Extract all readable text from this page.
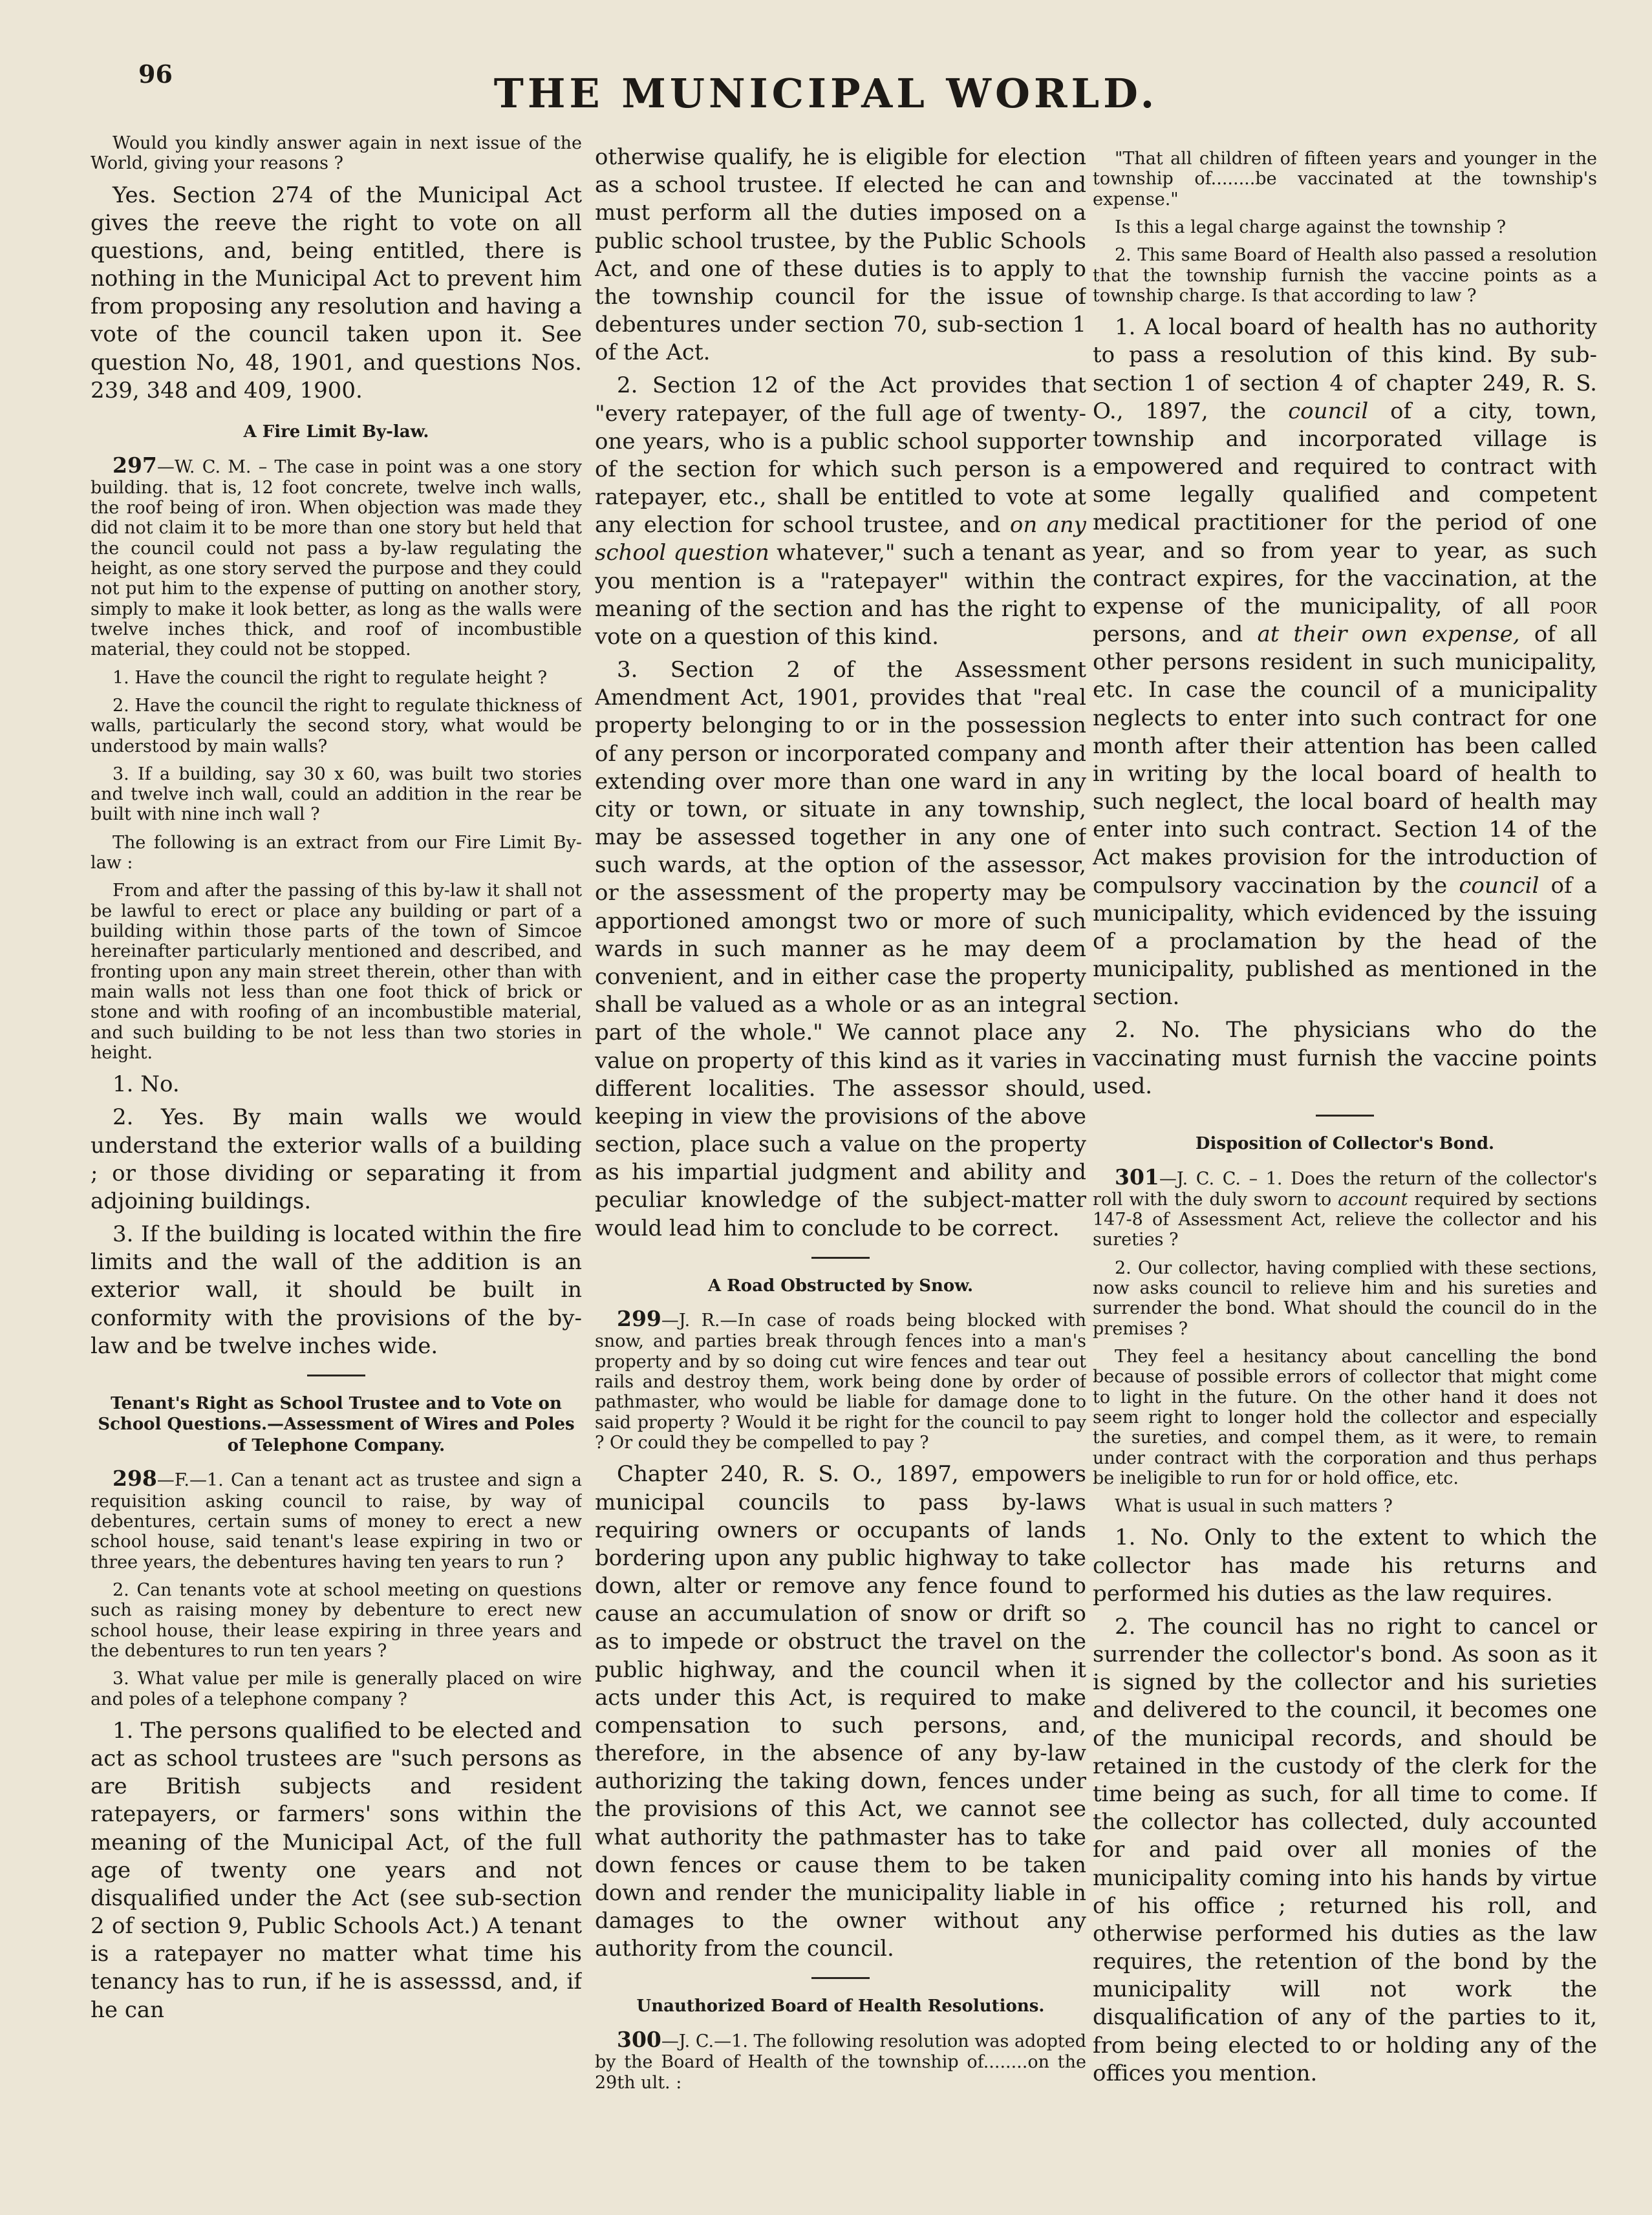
96	THE MUNICIPAL WORLD.

Would you kindly answer again in next issue of the World, giving your reasons ?

Yes. Section 274 of the Municipal Act gives the reeve the right to vote on all questions, and, being entitled, there is nothing in the Municipal Act to prevent him from proposing any resolution and having a vote of the council taken upon it. See question No, 48, 1901, and questions Nos. 239, 348 and 409, 1900.

A Fire Limit By-law.

297—W. C. M. – The case in point was a one story building. that is, 12 foot concrete, twelve inch walls, the roof being of iron. When objection was made they did not claim it to be more than one story but held that the council could not pass a by-law regulating the height, as one story served the purpose and they could not put him to the expense of putting on another story, simply to make it look better, as long as the walls were twelve inches thick, and roof of incombustible material, they could not be stopped.

1. Have the council the right to regulate height ?

2. Have the council the right to regulate thickness of walls, particularly the second story, what would be understood by main walls?

3. If a building, say 30 x 60, was built two stories and twelve inch wall, could an addition in the rear be built with nine inch wall ?

The following is an extract from our Fire Limit By-law :

From and after the passing of this by-law it shall not be lawful to erect or place any building or part of a building within those parts of the town of Simcoe hereinafter particularly mentioned and described, and fronting upon any main street therein, other than with main walls not less than one foot thick of brick or stone and with roofing of an incombustible material, and such building to be not less than two stories in height.

1. No.

2. Yes. By main walls we would understand the exterior walls of a building ; or those dividing or separating it from adjoining buildings.

3. If the building is located within the fire limits and the wall of the addition is an exterior wall, it should be built in conformity with the provisions of the by-law and be twelve inches wide.

Tenant's Right as School Trustee and to Vote on School Questions.—Assessment of Wires and Poles of Telephone Company.

298—F.—1. Can a tenant act as trustee and sign a requisition asking council to raise, by way of debentures, certain sums of money to erect a new school house, said tenant's lease expiring in two or three years, the debentures having ten years to run ?

2. Can tenants vote at school meeting on questions such as raising money by debenture to erect new school house, their lease expiring in three years and the debentures to run ten years ?

3. What value per mile is generally placed on wire and poles of a telephone company ?

1. The persons qualified to be elected and act as school trustees are "such persons as are British subjects and resident ratepayers, or farmers' sons within the meaning of the Municipal Act, of the full age of twenty one years and not disqualified under the Act (see sub-section 2 of section 9, Public Schools Act.) A tenant is a ratepayer no matter what time his tenancy has to run, if he is assesssd, and, if he can

otherwise qualify, he is eligible for election as a school trustee. If elected he can and must perform all the duties imposed on a public school trustee, by the Public Schools Act, and one of these duties is to apply to the township council for the issue of debentures under section 70, sub-section 1 of the Act.

2. Section 12 of the Act provides that "every ratepayer, of the full age of twenty-one years, who is a public school supporter of the section for which such person is a ratepayer, etc., shall be entitled to vote at any election for school trustee, and on any school question whatever," such a tenant as you mention is a "ratepayer" within the meaning of the section and has the right to vote on a question of this kind.

3. Section 2 of the Assessment Amendment Act, 1901, provides that "real property belonging to or in the possession of any person or incorporated company and extending over more than one ward in any city or town, or situate in any township, may be assessed together in any one of such wards, at the option of the assessor, or the assessment of the property may be apportioned amongst two or more of such wards in such manner as he may deem convenient, and in either case the property shall be valued as a whole or as an integral part of the whole." We cannot place any value on property of this kind as it varies in different localities. The assessor should, keeping in view the provisions of the above section, place such a value on the property as his impartial judgment and ability and peculiar knowledge of the subject-matter would lead him to conclude to be correct.

A Road Obstructed by Snow.

299—J. R.—In case of roads being blocked with snow, and parties break through fences into a man's property and by so doing cut wire fences and tear out rails and destroy them, work being done by order of pathmaster, who would be liable for damage done to said property ? Would it be right for the council to pay ? Or could they be compelled to pay ?

Chapter 240, R. S. O., 1897, empowers municipal councils to pass by-laws requiring owners or occupants of lands bordering upon any public highway to take down, alter or remove any fence found to cause an accumulation of snow or drift so as to impede or obstruct the travel on the public highway, and the council when it acts under this Act, is required to make compensation to such persons, and, therefore, in the absence of any by-law authorizing the taking down, fences under the provisions of this Act, we cannot see what authority the pathmaster has to take down fences or cause them to be taken down and render the municipality liable in damages to the owner without any authority from the council.

Unauthorized Board of Health Resolutions.

300—J. C.—1. The following resolution was adopted by the Board of Health of the township of........on the 29th ult. :

"That all children of fifteen years and younger in the township of........be vaccinated at the township's expense."

Is this a legal charge against the township ?

2. This same Board of Health also passed a resolution that the township furnish the vaccine points as a township charge. Is that according to law ?

1. A local board of health has no authority to pass a resolution of this kind. By sub-section 1 of section 4 of chapter 249, R. S. O., 1897, the council of a city, town, township and incorporated village is empowered and required to contract with some legally qualified and competent medical practitioner for the period of one year, and so from year to year, as such contract expires, for the vaccination, at the expense of the municipality, of all poor persons, and at their own expense, of all other persons resident in such municipality, etc. In case the council of a municipality neglects to enter into such contract for one month after their attention has been called in writing by the local board of health to such neglect, the local board of health may enter into such contract. Section 14 of the Act makes provision for the introduction of compulsory vaccination by the council of a municipality, which evidenced by the issuing of a proclamation by the head of the municipality, published as mentioned in the section.

2. No. The physicians who do the vaccinating must furnish the vaccine points used.

Disposition of Collector's Bond.

301—J. C. C. – 1. Does the return of the collector's roll with the duly sworn to account required by sections 147-8 of Assessment Act, relieve the collector and his sureties ?

2. Our collector, having complied with these sections, now asks council to relieve him and his sureties and surrender the bond. What should the council do in the premises ?

They feel a hesitancy about cancelling the bond because of possible errors of collector that might come to light in the future. On the other hand it does not seem right to longer hold the collector and especially the sureties, and compel them, as it were, to remain under contract with the corporation and thus perhaps be ineligible to run for or hold office, etc.

What is usual in such matters ?

1. No. Only to the extent to which the collector has made his returns and performed his duties as the law requires.

2. The council has no right to cancel or surrender the collector's bond. As soon as it is signed by the collector and his surieties and delivered to the council, it becomes one of the municipal records, and should be retained in the custody of the clerk for the time being as such, for all time to come. If the collector has collected, duly accounted for and paid over all monies of the municipality coming into his hands by virtue of his office ; returned his roll, and otherwise performed his duties as the law requires, the retention of the bond by the municipality will not work the disqualification of any of the parties to it, from being elected to or holding any of the offices you mention.
